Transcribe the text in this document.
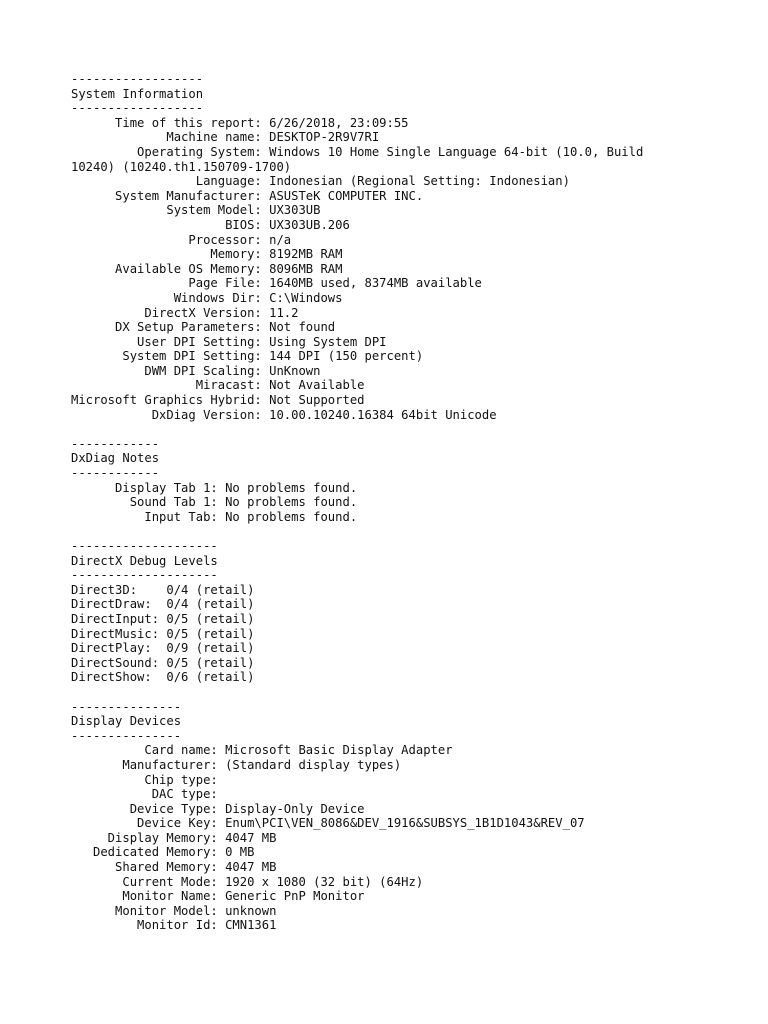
------------------
System Information
------------------
Time of this report: 6/26/2018, 23:09:55
Machine name: DESKTOP-2R9V7RI
Operating System: Windows 10 Home Single Language 64-bit (10.0, Build
10240) (10240.th1.150709-1700)
Language: Indonesian (Regional Setting: Indonesian)
System Manufacturer: ASUSTeK COMPUTER INC.
System Model: UX303UB
BIOS: UX303UB.206
Processor: n/a
Memory: 8192MB RAM
Available OS Memory: 8096MB RAM
Page File: 1640MB used, 8374MB available
Windows Dir: C:\Windows
DirectX Version: 11.2
DX Setup Parameters: Not found
User DPI Setting: Using System DPI
System DPI Setting: 144 DPI (150 percent)
DWM DPI Scaling: UnKnown
Miracast: Not Available
Microsoft Graphics Hybrid: Not Supported
DxDiag Version: 10.00.10240.16384 64bit Unicode
------------
DxDiag Notes
------------
Display Tab 1: No problems found.
Sound Tab 1: No problems found.
Input Tab: No problems found.
--------------------
DirectX Debug Levels
--------------------
Direct3D:    0/4 (retail)
DirectDraw:  0/4 (retail)
DirectInput: 0/5 (retail)
DirectMusic: 0/5 (retail)
DirectPlay:  0/9 (retail)
DirectSound: 0/5 (retail)
DirectShow:  0/6 (retail)
---------------
Display Devices
---------------
Card name: Microsoft Basic Display Adapter
Manufacturer: (Standard display types)
Chip type:
DAC type:
Device Type: Display-Only Device
Device Key: Enum\PCI\VEN_8086&DEV_1916&SUBSYS_1B1D1043&REV_07
Display Memory: 4047 MB
Dedicated Memory: 0 MB
Shared Memory: 4047 MB
Current Mode: 1920 x 1080 (32 bit) (64Hz)
Monitor Name: Generic PnP Monitor
Monitor Model: unknown
Monitor Id: CMN1361
